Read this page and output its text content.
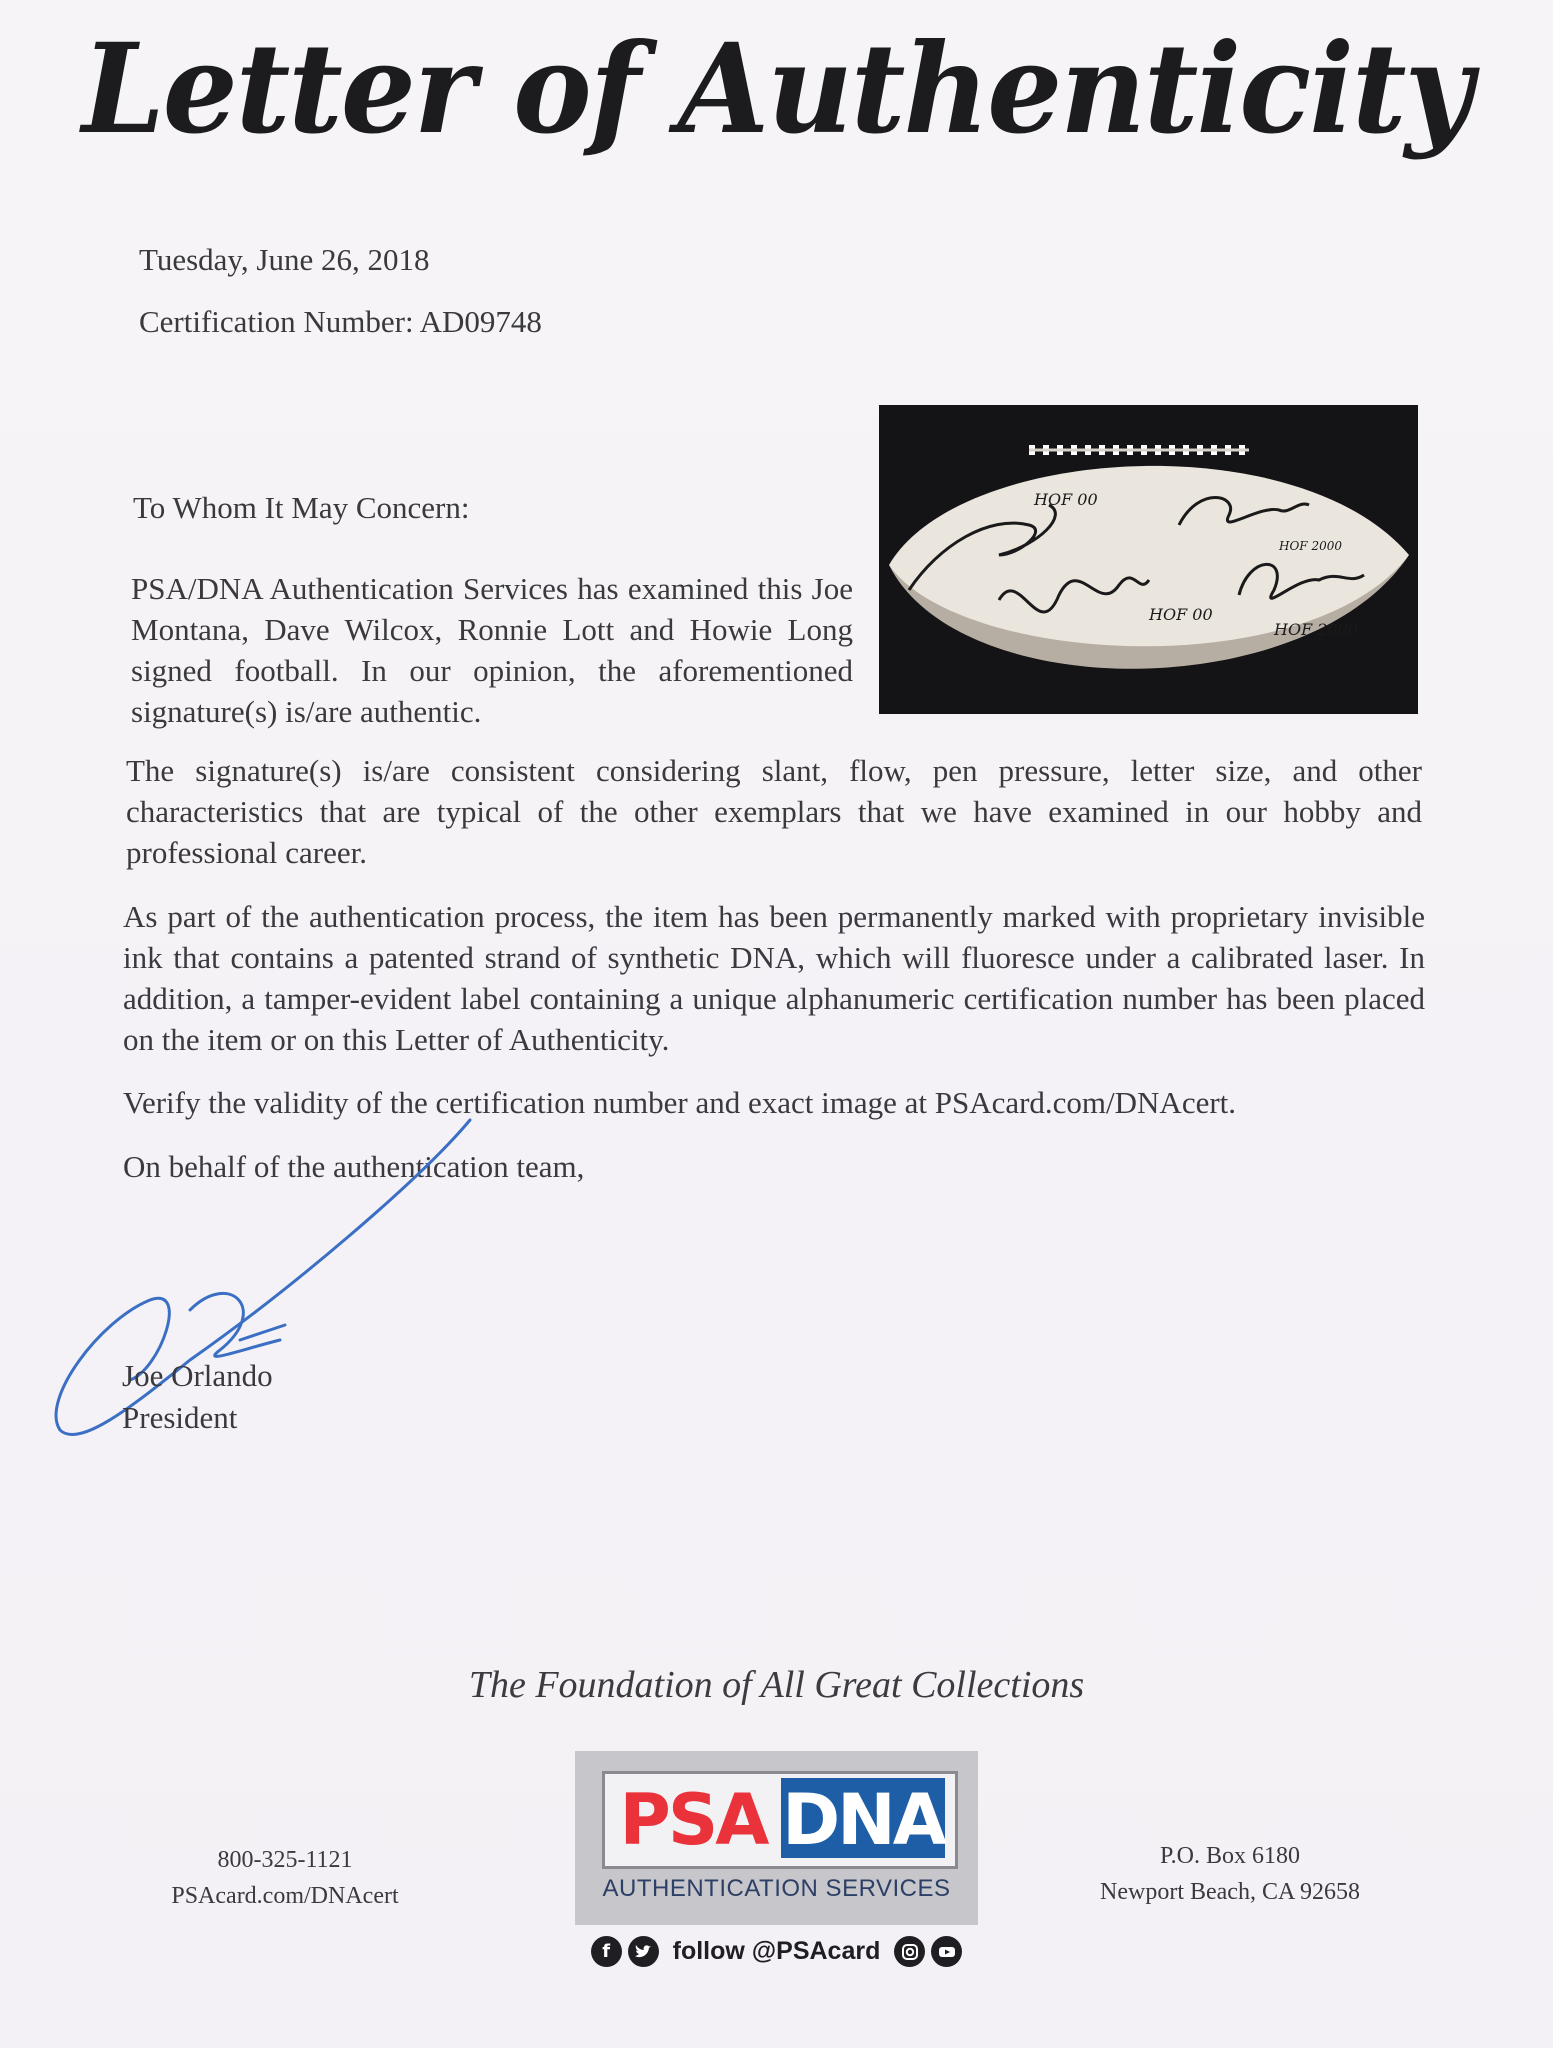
Letter of Authenticity
Tuesday, June 26, 2018
Certification Number: AD09748
HOF 00
HOF 2000
HOF 00
HOF 2000
To Whom It May Concern:

PSA/DNA Authentication Services has examined this Joe Montana, Dave Wilcox, Ronnie Lott and Howie Long signed football. In our opinion, the aforementioned signature(s) is/are authentic.

The signature(s) is/are consistent considering slant, flow, pen pressure, letter size, and other characteristics that are typical of the other exemplars that we have examined in our hobby and professional career.

As part of the authentication process, the item has been permanently marked with proprietary invisible ink that contains a patented strand of synthetic DNA, which will fluoresce under a calibrated laser. In addition, a tamper-evident label containing a unique alphanumeric certification number has been placed on the item or on this Letter of Authenticity.

Verify the validity of the certification number and exact image at PSAcard.com/DNAcert.

On behalf of the authentication team,

Joe Orlando
President
The Foundation of All Great Collections
800-325-1121
PSAcard.com/DNAcert
PSA DNA
AUTHENTICATION SERVICES
P.O. Box 6180
Newport Beach, CA 92658
f	follow @PSAcard
